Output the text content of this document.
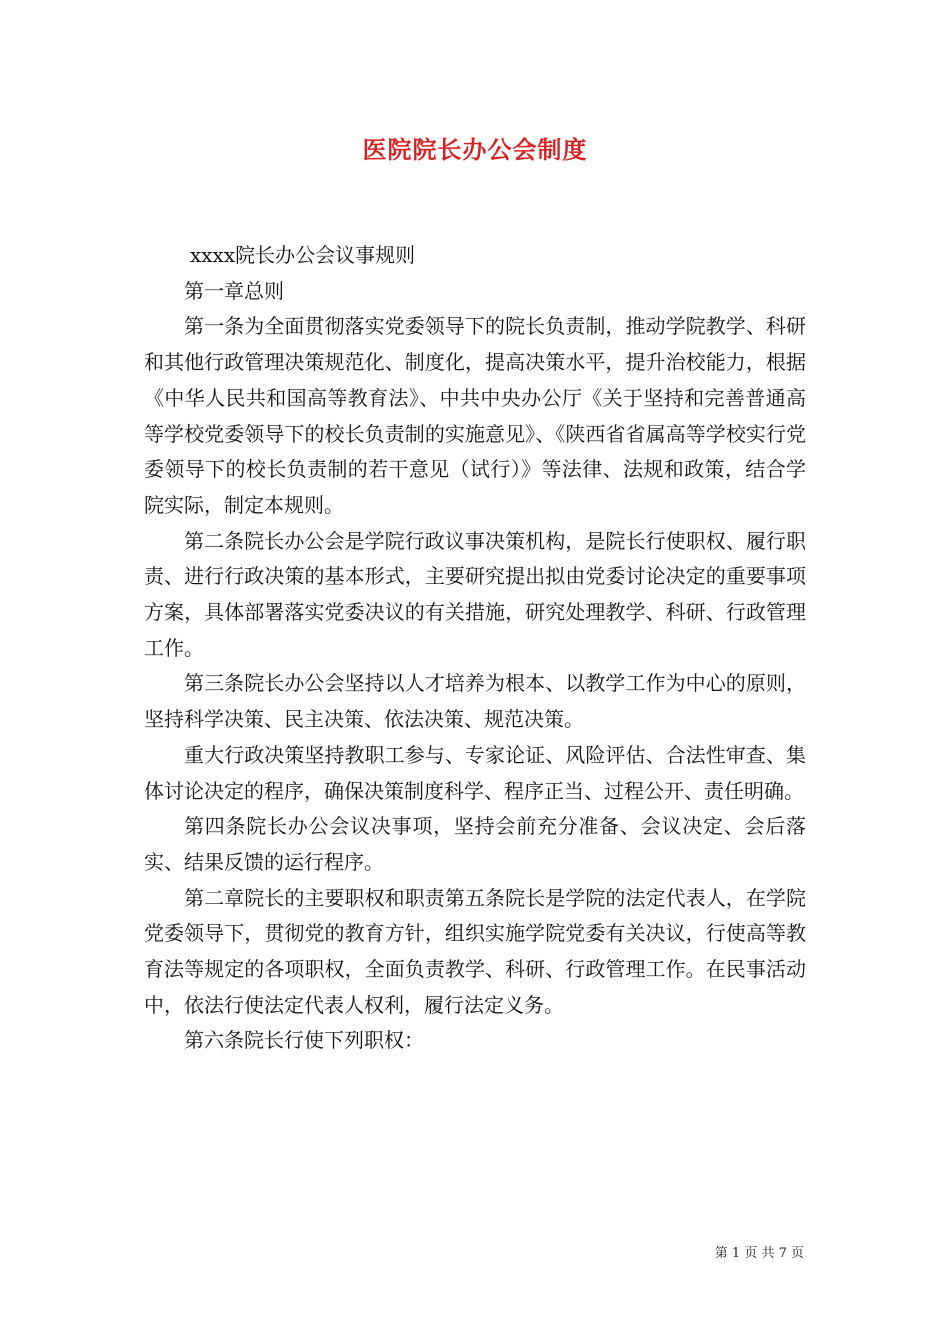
医院院长办公会制度

xxxx院长办公会议事规则

第一章总则

第一条为全面贯彻落实党委领导下的院长负责制，推动学院教学、科研和其他行政管理决策规范化、制度化，提高决策水平，提升治校能力，根据《中华人民共和国高等教育法》、中共中央办公厅《关于坚持和完善普通高等学校党委领导下的校长负责制的实施意见》、《陕西省省属高等学校实行党委领导下的校长负责制的若干意见（试行）》等法律、法规和政策，结合学院实际，制定本规则。

第二条院长办公会是学院行政议事决策机构，是院长行使职权、履行职责、进行行政决策的基本形式，主要研究提出拟由党委讨论决定的重要事项方案，具体部署落实党委决议的有关措施，研究处理教学、科研、行政管理工作。

第三条院长办公会坚持以人才培养为根本、以教学工作为中心的原则，坚持科学决策、民主决策、依法决策、规范决策。

重大行政决策坚持教职工参与、专家论证、风险评估、合法性审查、集体讨论决定的程序，确保决策制度科学、程序正当、过程公开、责任明确。

第四条院长办公会议决事项，坚持会前充分准备、会议决定、会后落实、结果反馈的运行程序。

第二章院长的主要职权和职责第五条院长是学院的法定代表人，在学院党委领导下，贯彻党的教育方针，组织实施学院党委有关决议，行使高等教育法等规定的各项职权，全面负责教学、科研、行政管理工作。在民事活动中，依法行使法定代表人权利，履行法定义务。

第六条院长行使下列职权：

第 1 页 共 7 页
